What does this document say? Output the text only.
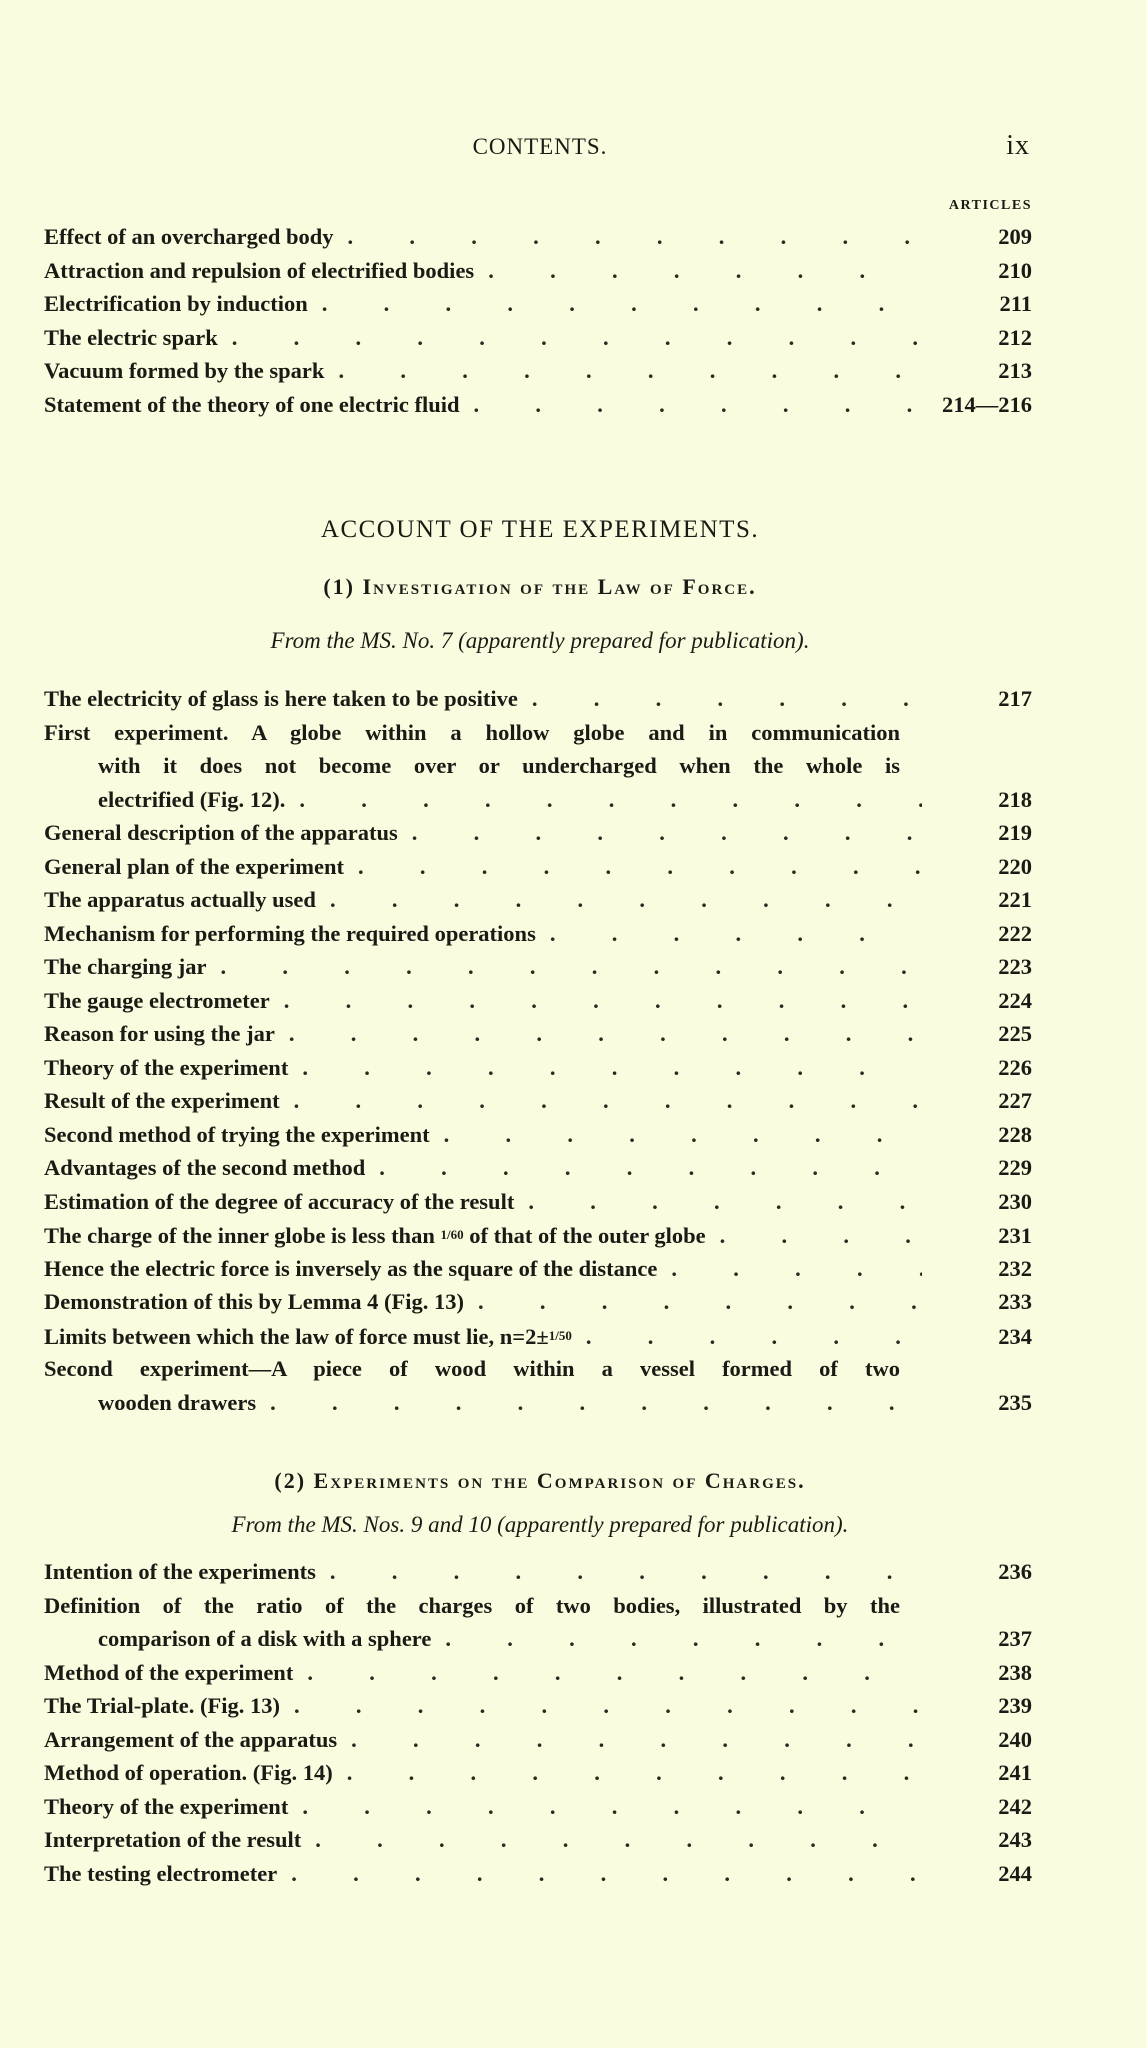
CONTENTS.	ix
ARTICLES
Effect of an overcharged body .	209
Attraction and repulsion of electrified bodies .	210
Electrification by induction .	211
The electric spark .	212
Vacuum formed by the spark .	213
Statement of the theory of one electric fluid .	214—216
ACCOUNT OF THE EXPERIMENTS.
(1) Investigation of the Law of Force.
From the MS. No. 7 (apparently prepared for publication).
The electricity of glass is here taken to be positive .	217
First experiment. A globe within a hollow globe and in communication
with it does not become over or undercharged when the whole is
electrified (Fig. 12). .	218
General description of the apparatus .	219
General plan of the experiment .	220
The apparatus actually used .	221
Mechanism for performing the required operations .	222
The charging jar .	223
The gauge electrometer .	224
Reason for using the jar .	225
Theory of the experiment .	226
Result of the experiment .	227
Second method of trying the experiment .	228
Advantages of the second method .	229
Estimation of the degree of accuracy of the result .	230
The charge of the inner globe is less than 1/60 of that of the outer globe .	231
Hence the electric force is inversely as the square of the distance .	232
Demonstration of this by Lemma 4 (Fig. 13) .	233
Limits between which the law of force must lie, n=2±1/50 .	234
Second experiment—A piece of wood within a vessel formed of two
wooden drawers .	235
(2) Experiments on the Comparison of Charges.
From the MS. Nos. 9 and 10 (apparently prepared for publication).
Intention of the experiments .	236
Definition of the ratio of the charges of two bodies, illustrated by the
comparison of a disk with a sphere .	237
Method of the experiment .	238
The Trial-plate. (Fig. 13) .	239
Arrangement of the apparatus .	240
Method of operation. (Fig. 14) .	241
Theory of the experiment .	242
Interpretation of the result .	243
The testing electrometer .	244
